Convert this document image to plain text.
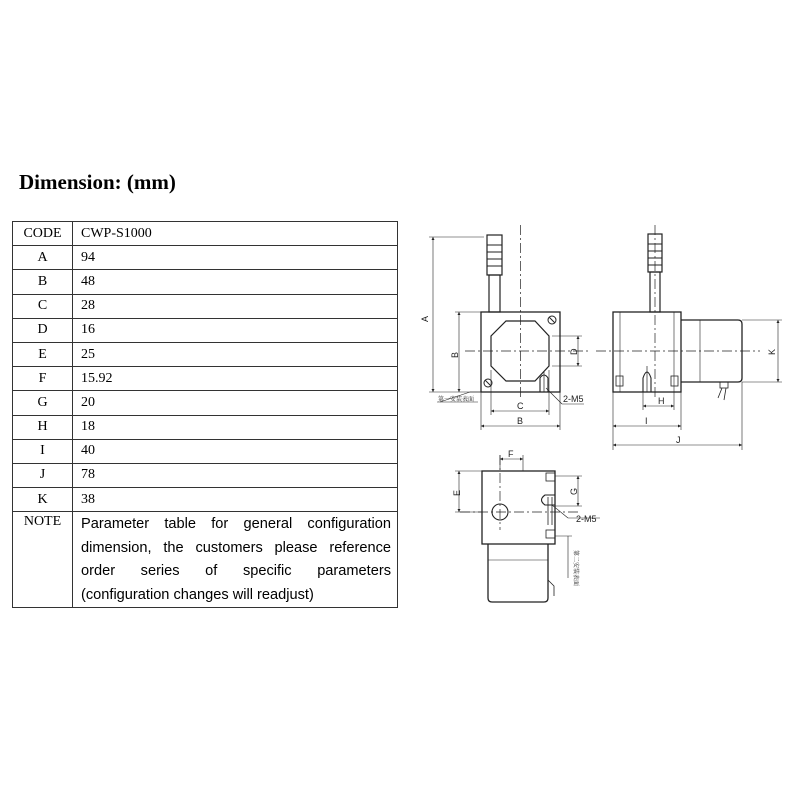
Dimension: (mm)
CODE	CWP-S1000
A	94
B	48
C	28
D	16
E	25
F	15.92
G	20
H	18
I	40
J	78
K	38
NOTE	Parameter table for general configuration dimension, the customers please reference order series of specific parameters (configuration changes will readjust)
A
B	D
C
B
2-M5
第一安装表面	H
I
J
K
E
F
G
2-M5
第二安装表面
